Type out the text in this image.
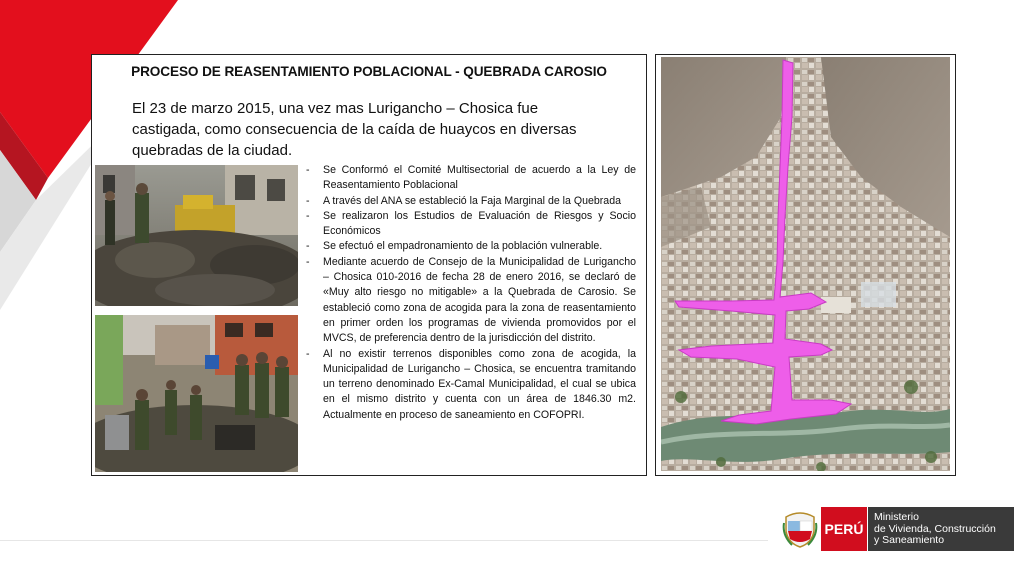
PROCESO DE REASENTAMIENTO POBLACIONAL - QUEBRADA CAROSIO
El 23 de marzo 2015, una vez mas Lurigancho – Chosica fue castigada, como consecuencia de la caída de huaycos en diversas quebradas de la ciudad.
- Se Conformó el Comité Multisectorial de acuerdo a la Ley de Reasentamiento Poblacional
- A través del ANA se estableció la Faja Marginal de la Quebrada
- Se realizaron los Estudios de Evaluación de Riesgos y Socio Económicos
- Se efectuó el empadronamiento de la población vulnerable.
- Mediante acuerdo de Consejo de la Municipalidad de Lurigancho – Chosica 010-2016 de fecha 28 de enero 2016, se declaró de «Muy alto riesgo no mitigable» a la Quebrada de Carosio. Se estableció como zona de acogida para la zona de reasentamiento en primer orden los programas de vivienda promovidos por el MVCS, de preferencia dentro de la jurisdicción del distrito.
- Al no existir terrenos disponibles como zona de acogida, la Municipalidad de Lurigancho – Chosica, se encuentra tramitando un terreno denominado Ex-Camal Municipalidad, el cual se ubica en el mismo distrito y cuenta con un área de 1846.30 m2. Actualmente en proceso de saneamiento en COFOPRI.
PERÚ
Ministerio
de Vivienda, Construcción
y Saneamiento
